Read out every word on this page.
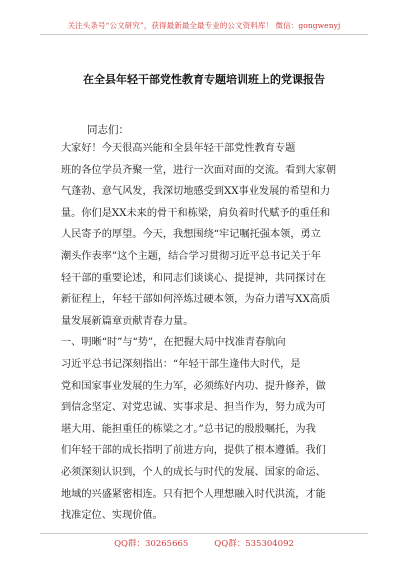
关注头条号“公文研究”，获得最新最全最专业的公文资料库！ 微信：gongwenyj
在全县年轻干部党性教育专题培训班上的党课报告
同志们：
大家好！今天很高兴能和全县年轻干部党性教育专题
班的各位学员齐聚一堂，进行一次面对面的交流。看到大家朝
气蓬勃、意气风发，我深切地感受到XX事业发展的希望和力
量。你们是XX未来的骨干和栋梁，肩负着时代赋予的重任和
人民寄予的厚望。今天，我想围绕“牢记嘱托强本领，勇立
潮头作表率”这个主题，结合学习贯彻习近平总书记关于年
轻干部的重要论述，和同志们谈谈心、提提神，共同探讨在
新征程上，年轻干部如何淬炼过硬本领，为奋力谱写XX高质
量发展新篇章贡献青春力量。
一、明晰“时”与“势”，在把握大局中找准青春航向
习近平总书记深刻指出：“年轻干部生逢伟大时代，是
党和国家事业发展的生力军，必须练好内功、提升修养，做
到信念坚定、对党忠诚、实事求是、担当作为，努力成为可
堪大用、能担重任的栋梁之才。”总书记的殷殷嘱托，为我
们年轻干部的成长指明了前进方向，提供了根本遵循。我们
必须深刻认识到，个人的成长与时代的发展、国家的命运、
地域的兴盛紧密相连。只有把个人理想融入时代洪流，才能
找准定位、实现价值。
QQ群：30265665	QQ群：535304092
